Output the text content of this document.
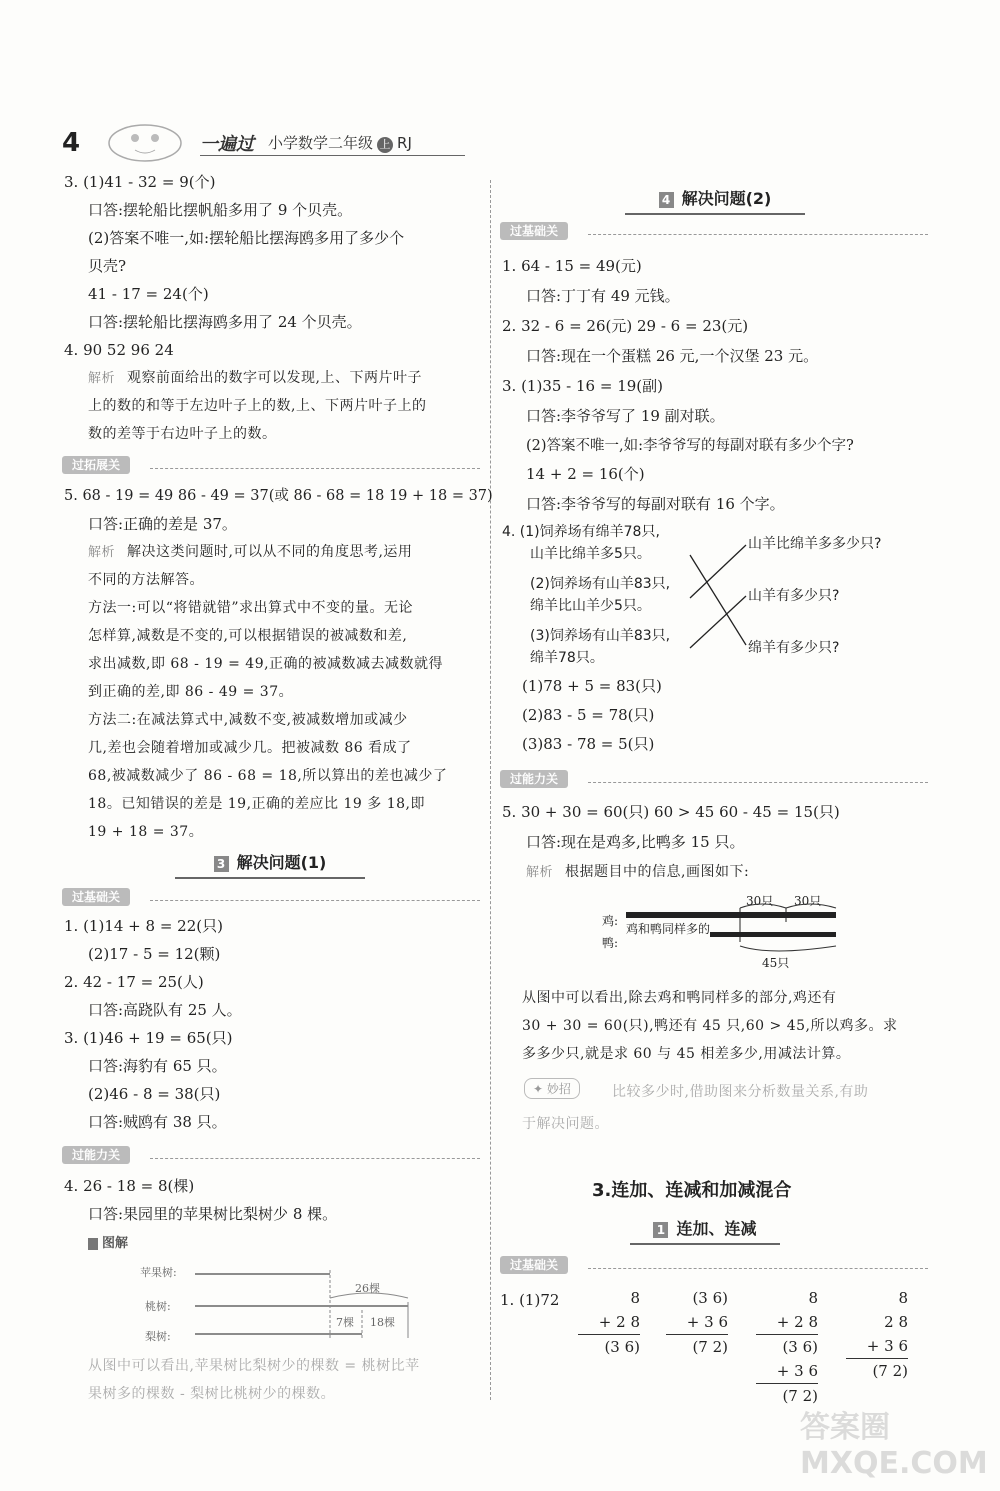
4	一遍过 小学数学二年级 上 RJ
3. (1)41 - 32 = 9(个)
口答:摆轮船比摆帆船多用了 9 个贝壳。
(2)答案不唯一,如:摆轮船比摆海鸥多用了多少个
贝壳?
41 - 17 = 24(个)
口答:摆轮船比摆海鸥多用了 24 个贝壳。
4. 90 52 96 24
解析 观察前面给出的数字可以发现,上、下两片叶子
上的数的和等于左边叶子上的数,上、下两片叶子上的
数的差等于右边叶子上的数。
过拓展关
5. 68 - 19 = 49 86 - 49 = 37(或 86 - 68 = 18 19 + 18 = 37)
口答:正确的差是 37。
解析 解决这类问题时,可以从不同的角度思考,运用
不同的方法解答。
方法一:可以“将错就错”求出算式中不变的量。无论
怎样算,减数是不变的,可以根据错误的被减数和差,
求出减数,即 68 - 19 = 49,正确的被减数减去减数就得
到正确的差,即 86 - 49 = 37。
方法二:在减法算式中,减数不变,被减数增加或减少
几,差也会随着增加或减少几。把被减数 86 看成了
68,被减数减少了 86 - 68 = 18,所以算出的差也减少了
18。已知错误的差是 19,正确的差应比 19 多 18,即
19 + 18 = 37。
3 解决问题(1)
过基础关
1. (1)14 + 8 = 22(只)
(2)17 - 5 = 12(颗)
2. 42 - 17 = 25(人)
口答:高跷队有 25 人。
3. (1)46 + 19 = 65(只)
口答:海豹有 65 只。
(2)46 - 8 = 38(只)
口答:贼鸥有 38 只。
过能力关
4. 26 - 18 = 8(棵)
口答:果园里的苹果树比梨树少 8 棵。
图解
苹果树:
桃树:
梨树:
26棵
7棵 18棵
从图中可以看出,苹果树比梨树少的棵数 = 桃树比苹
果树多的棵数 - 梨树比桃树少的棵数。
4 解决问题(2)
过基础关
1. 64 - 15 = 49(元)
口答:丁丁有 49 元钱。
2. 32 - 6 = 26(元) 29 - 6 = 23(元)
口答:现在一个蛋糕 26 元,一个汉堡 23 元。
3. (1)35 - 16 = 19(副)
口答:李爷爷写了 19 副对联。
(2)答案不唯一,如:李爷爷写的每副对联有多少个字?
14 + 2 = 16(个)
口答:李爷爷写的每副对联有 16 个字。
4. (1)饲养场有绵羊78只,
山羊比绵羊多5只。
(2)饲养场有山羊83只,
绵羊比山羊少5只。
(3)饲养场有山羊83只,
绵羊78只。
山羊比绵羊多多少只?
山羊有多少只?
绵羊有多少只?
(1)78 + 5 = 83(只)
(2)83 - 5 = 78(只)
(3)83 - 78 = 5(只)
过能力关
5. 30 + 30 = 60(只) 60 > 45 60 - 45 = 15(只)
口答:现在是鸡多,比鸭多 15 只。
解析 根据题目中的信息,画图如下:
鸡:
鸭:
30只 30只
鸡和鸭同样多的
45只
从图中可以看出,除去鸡和鸭同样多的部分,鸡还有
30 + 30 = 60(只),鸭还有 45 只,60 > 45,所以鸡多。求
多多少只,就是求 60 与 45 相差多少,用减法计算。
✦ 妙招	比较多少时,借助图来分析数量关系,有助
于解决问题。
3.连加、连减和加减混合
1 连加、连减
过基础关
1. (1)72	8
+ 2 8
(3 6)
(3 6)
+ 3 6
(7 2)
8
+ 2 8
(3 6)
+ 3 6
(7 2)
8
2 8
+ 3 6
(7 2)
答案圈 MXQE.COM
